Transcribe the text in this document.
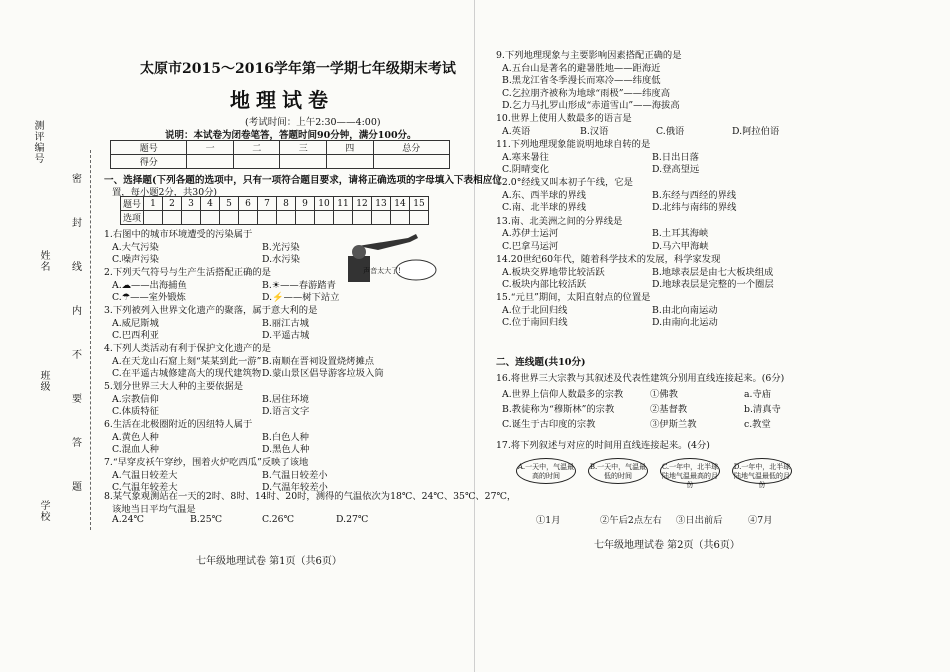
测评编号
姓名
班级
学校
太原市2015～2016学年第一学期七年级期末考试
地理试卷
(考试时间：上午2:30——4:00)
说明：本试卷为闭卷笔答，答题时间90分钟，满分100分。
题号	一	二	三	四	总分
得分					
一、选择题(下列各题的选项中，只有一项符合题目要求，请将正确选项的字母填入下表相应位
置，每小题2分，共30分)
题号	1	2	3	4	5	6	7	8	9	10	11	12	13	14	15
选项															
声音太大了!
8.某气象观测站在一天的2时、8时、14时、20时，测得的气温依次为18℃、24℃、35℃、27℃，
该地当日平均气温是
A.24℃	B.25℃	C.26℃	D.27℃
七年级地理试卷 第1页（共6页）
二、连线题(共10分)
16.将世界三大宗教与其叙述及代表性建筑分别用直线连接起来。(6分)
17.将下列叙述与对应的时间用直线连接起来。(4分)
七年级地理试卷 第2页（共6页）
密
封
线
内
不
要
答
题
1.右图中的城市环境遭受的污染属于
A.大气污染	B.光污染
C.噪声污染	D.水污染
2.下列天气符号与生产生活搭配正确的是
A.☁——出海捕鱼	B.☀——春游踏青
C.☂——室外锻炼	D.⚡——树下站立
3.下列被列入世界文化遗产的聚落，属于意大利的是
A.威尼斯城	B.丽江古城
C.巴西利亚	D.平遥古城
4.下列人类活动有利于保护文化遗产的是
A.在天龙山石窟上刻“某某到此一游” B.南顺在晋祠设置烧烤摊点
C.在平遥古城修建高大的现代建筑物 D.蒙山景区倡导游客垃圾入筒
5.划分世界三大人种的主要依据是
A.宗教信仰	B.居住环境
C.体质特征	D.语言文字
6.生活在北极圈附近的因纽特人属于
A.黄色人种	B.白色人种
C.混血人种	D.黑色人种
7.“早穿皮袄午穿纱，围着火炉吃西瓜”反映了该地
A.气温日较差大	B.气温日较差小
C.气温年较差大	D.气温年较差小
9.下列地理现象与主要影响因素搭配正确的是
A.五台山是著名的避暑胜地——距海近
B.黑龙江省冬季漫长而寒冷——纬度低
C.乞拉朋齐被称为地球“雨极”——纬度高
D.乞力马扎罗山形成“赤道雪山”——海拔高
10.世界上使用人数最多的语言是
A.英语	B.汉语	C.俄语	D.阿拉伯语
11.下列地理现象能说明地球自转的是
A.寒来暑往	B.日出日落
C.阴晴变化	D.登高望远
12.0°经线又叫本初子午线，它是
A.东、西半球的界线	B.东经与西经的界线
C.南、北半球的界线	D.北纬与南纬的界线
13.南、北美洲之间的分界线是
A.苏伊士运河	B.土耳其海峡
C.巴拿马运河	D.马六甲海峡
14.20世纪60年代，随着科学技术的发展，科学家发现
A.板块交界地带比较活跃	B.地球表层是由七大板块组成
C.板块内部比较活跃	D.地球表层是完整的一个圈层
15.“元旦”期间，太阳直射点的位置是
A.位于北回归线	B.由北向南运动
C.位于南回归线	D.由南向北运动
A.世界上信仰人数最多的宗教	①佛教	a.寺庙
B.教徒称为“穆斯林”的宗教	②基督教	b.清真寺
C.诞生于古印度的宗教	③伊斯兰教	c.教堂
A.一天中，气温最高的时间
B.一天中，气温最低的时间
C.一年中，北半球陆地气温最高的月份
D.一年中，北半球陆地气温最低的月份
①1月	②午后2点左右 ③日出前后	④7月
